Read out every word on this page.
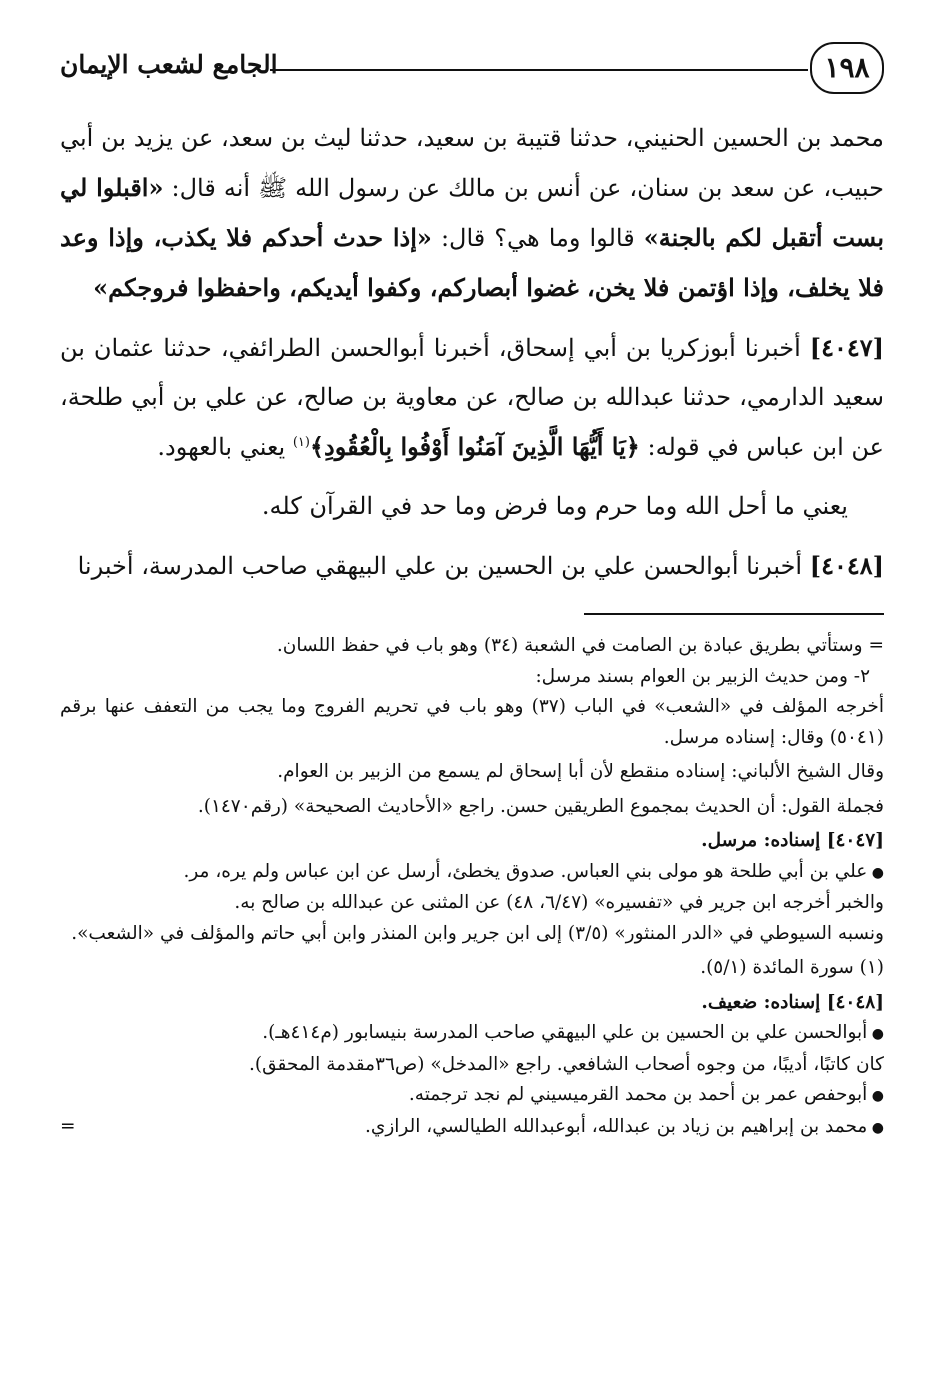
١٩٨
الجامع لشعب الإيمان

محمد بن الحسين الحنيني، حدثنا قتيبة بن سعيد، حدثنا ليث بن سعد، عن يزيد بن أبي حبيب، عن سعد بن سنان، عن أنس بن مالك عن رسول الله ﷺ أنه قال: «اقبلوا لي بست أتقبل لكم بالجنة» قالوا وما هي؟ قال: «إذا حدث أحدكم فلا يكذب، وإذا وعد فلا يخلف، وإذا اؤتمن فلا يخن، غضوا أبصاركم، وكفوا أيديكم، واحفظوا فروجكم»

[٤٠٤٧] أخبرنا أبوزكريا بن أبي إسحاق، أخبرنا أبوالحسن الطرائفي، حدثنا عثمان بن سعيد الدارمي، حدثنا عبدالله بن صالح، عن معاوية بن صالح، عن علي بن أبي طلحة، عن ابن عباس في قوله: ﴿يَا أَيُّهَا الَّذِينَ آمَنُوا أَوْفُوا بِالْعُقُودِ﴾$^{(١)}$ يعني بالعهود.

يعني ما أحل الله وما حرم وما فرض وما حد في القرآن كله.

[٤٠٤٨] أخبرنا أبوالحسن علي بن الحسين بن علي البيهقي صاحب المدرسة، أخبرنا

= وستأتي بطريق عبادة بن الصامت في الشعبة (٣٤) وهو باب في حفظ اللسان.

٢- ومن حديث الزبير بن العوام بسند مرسل:

أخرجه المؤلف في «الشعب» في الباب (٣٧) وهو باب في تحريم الفروج وما يجب من التعفف عنها برقم (٥٠٤١) وقال: إسناده مرسل.

وقال الشيخ الألباني: إسناده منقطع لأن أبا إسحاق لم يسمع من الزبير بن العوام.

فجملة القول: أن الحديث بمجموع الطريقين حسن. راجع «الأحاديث الصحيحة» (رقم١٤٧٠).

[٤٠٤٧] إسناده: مرسل.

● علي بن أبي طلحة هو مولى بني العباس. صدوق يخطئ، أرسل عن ابن عباس ولم يره، مر.

والخبر أخرجه ابن جرير في «تفسيره» (٦/٤٧، ٤٨) عن المثنى عن عبدالله بن صالح به.

ونسبه السيوطي في «الدر المنثور» (٣/٥) إلى ابن جرير وابن المنذر وابن أبي حاتم والمؤلف في «الشعب».

(١) سورة المائدة (٥/١).

[٤٠٤٨] إسناده: ضعيف.

● أبوالحسن علي بن الحسين بن علي البيهقي صاحب المدرسة بنيسابور (م٤١٤هـ).

كان كاتبًا، أديبًا، من وجوه أصحاب الشافعي. راجع «المدخل» (ص٣٦مقدمة المحقق).

● أبوحفص عمر بن أحمد بن محمد القرميسيني لم نجد ترجمته.

=	● محمد بن إبراهيم بن زياد بن عبدالله، أبوعبدالله الطيالسي، الرازي.
